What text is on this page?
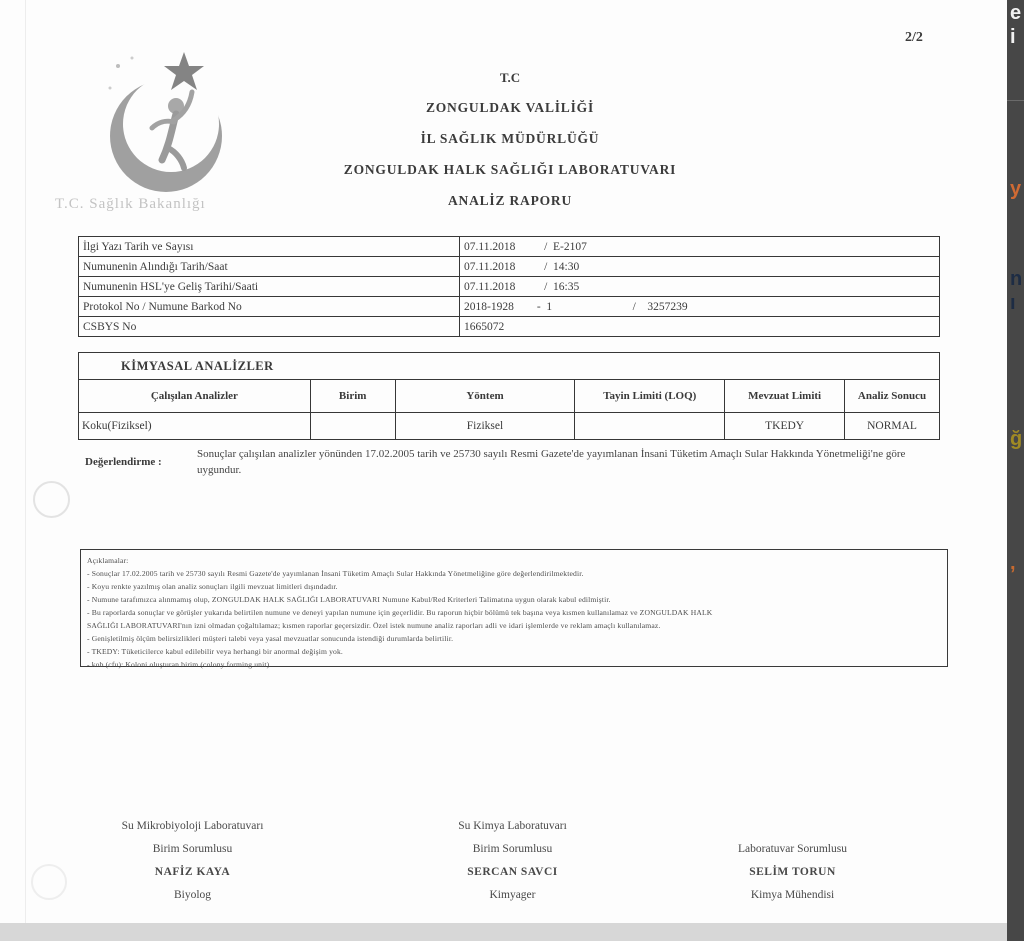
e
i
y
n
ı
ğ
,
2/2
T.C. Sağlık Bakanlığı
T.C
ZONGULDAK VALİLİĞİ
İL SAĞLIK MÜDÜRLÜĞÜ
ZONGULDAK HALK SAĞLIĞI LABORATUVARI
ANALİZ RAPORU
İlgi Yazı Tarih ve Sayısı	07.11.2018          /  E-2107
Numunenin Alındığı Tarih/Saat	07.11.2018          /  14:30
Numunenin HSL'ye Geliş Tarihi/Saati	07.11.2018          /  16:35
Protokol No / Numune Barkod No	2018-1928        -  1                            /    3257239
CSBYS No	1665072
KİMYASAL ANALİZLER					
Çalışılan Analizler	Birim	Yöntem	Tayin Limiti (LOQ)	Mevzuat Limiti	Analiz Sonucu
Koku(Fiziksel)		Fiziksel		TKEDY	NORMAL
Değerlendirme :
Sonuçlar çalışılan analizler yönünden 17.02.2005 tarih ve 25730 sayılı Resmi Gazete'de yayımlanan İnsani Tüketim Amaçlı Sular Hakkında Yönetmeliği'ne göre uygundur.
Açıklamalar:
- Sonuçlar 17.02.2005 tarih ve 25730 sayılı Resmi Gazete'de yayımlanan İnsani Tüketim Amaçlı Sular Hakkında Yönetmeliğine göre değerlendirilmektedir.
- Koyu renkte yazılmış olan analiz sonuçları ilgili mevzuat limitleri dışındadır.
- Numune tarafımızca alınmamış olup, ZONGULDAK HALK SAĞLIĞI LABORATUVARI Numune Kabul/Red Kriterleri Talimatına uygun olarak kabul edilmiştir.
- Bu raporlarda sonuçlar ve görüşler yukarıda belirtilen numune ve deneyi yapılan numune için geçerlidir. Bu raporun hiçbir bölümü tek başına veya kısmen kullanılamaz ve ZONGULDAK HALK
SAĞLIĞI LABORATUVARI'nın izni olmadan çoğaltılamaz; kısmen raporlar geçersizdir. Özel istek numune analiz raporları adli ve idari işlemlerde ve reklam amaçlı kullanılamaz.
- Genişletilmiş ölçüm belirsizlikleri müşteri talebi veya yasal mevzuatlar sonucunda istendiği durumlarda belirtilir.
- TKEDY: Tüketicilerce kabul edilebilir veya herhangi bir anormal değişim yok.
- kob (cfu): Koloni oluşturan birim (colony forming unit)
Su Mikrobiyoloji Laboratuvarı
Birim Sorumlusu
NAFİZ KAYA
Biyolog
Su Kimya Laboratuvarı
Birim Sorumlusu
SERCAN SAVCI
Kimyager
Laboratuvar Sorumlusu
SELİM TORUN
Kimya Mühendisi
